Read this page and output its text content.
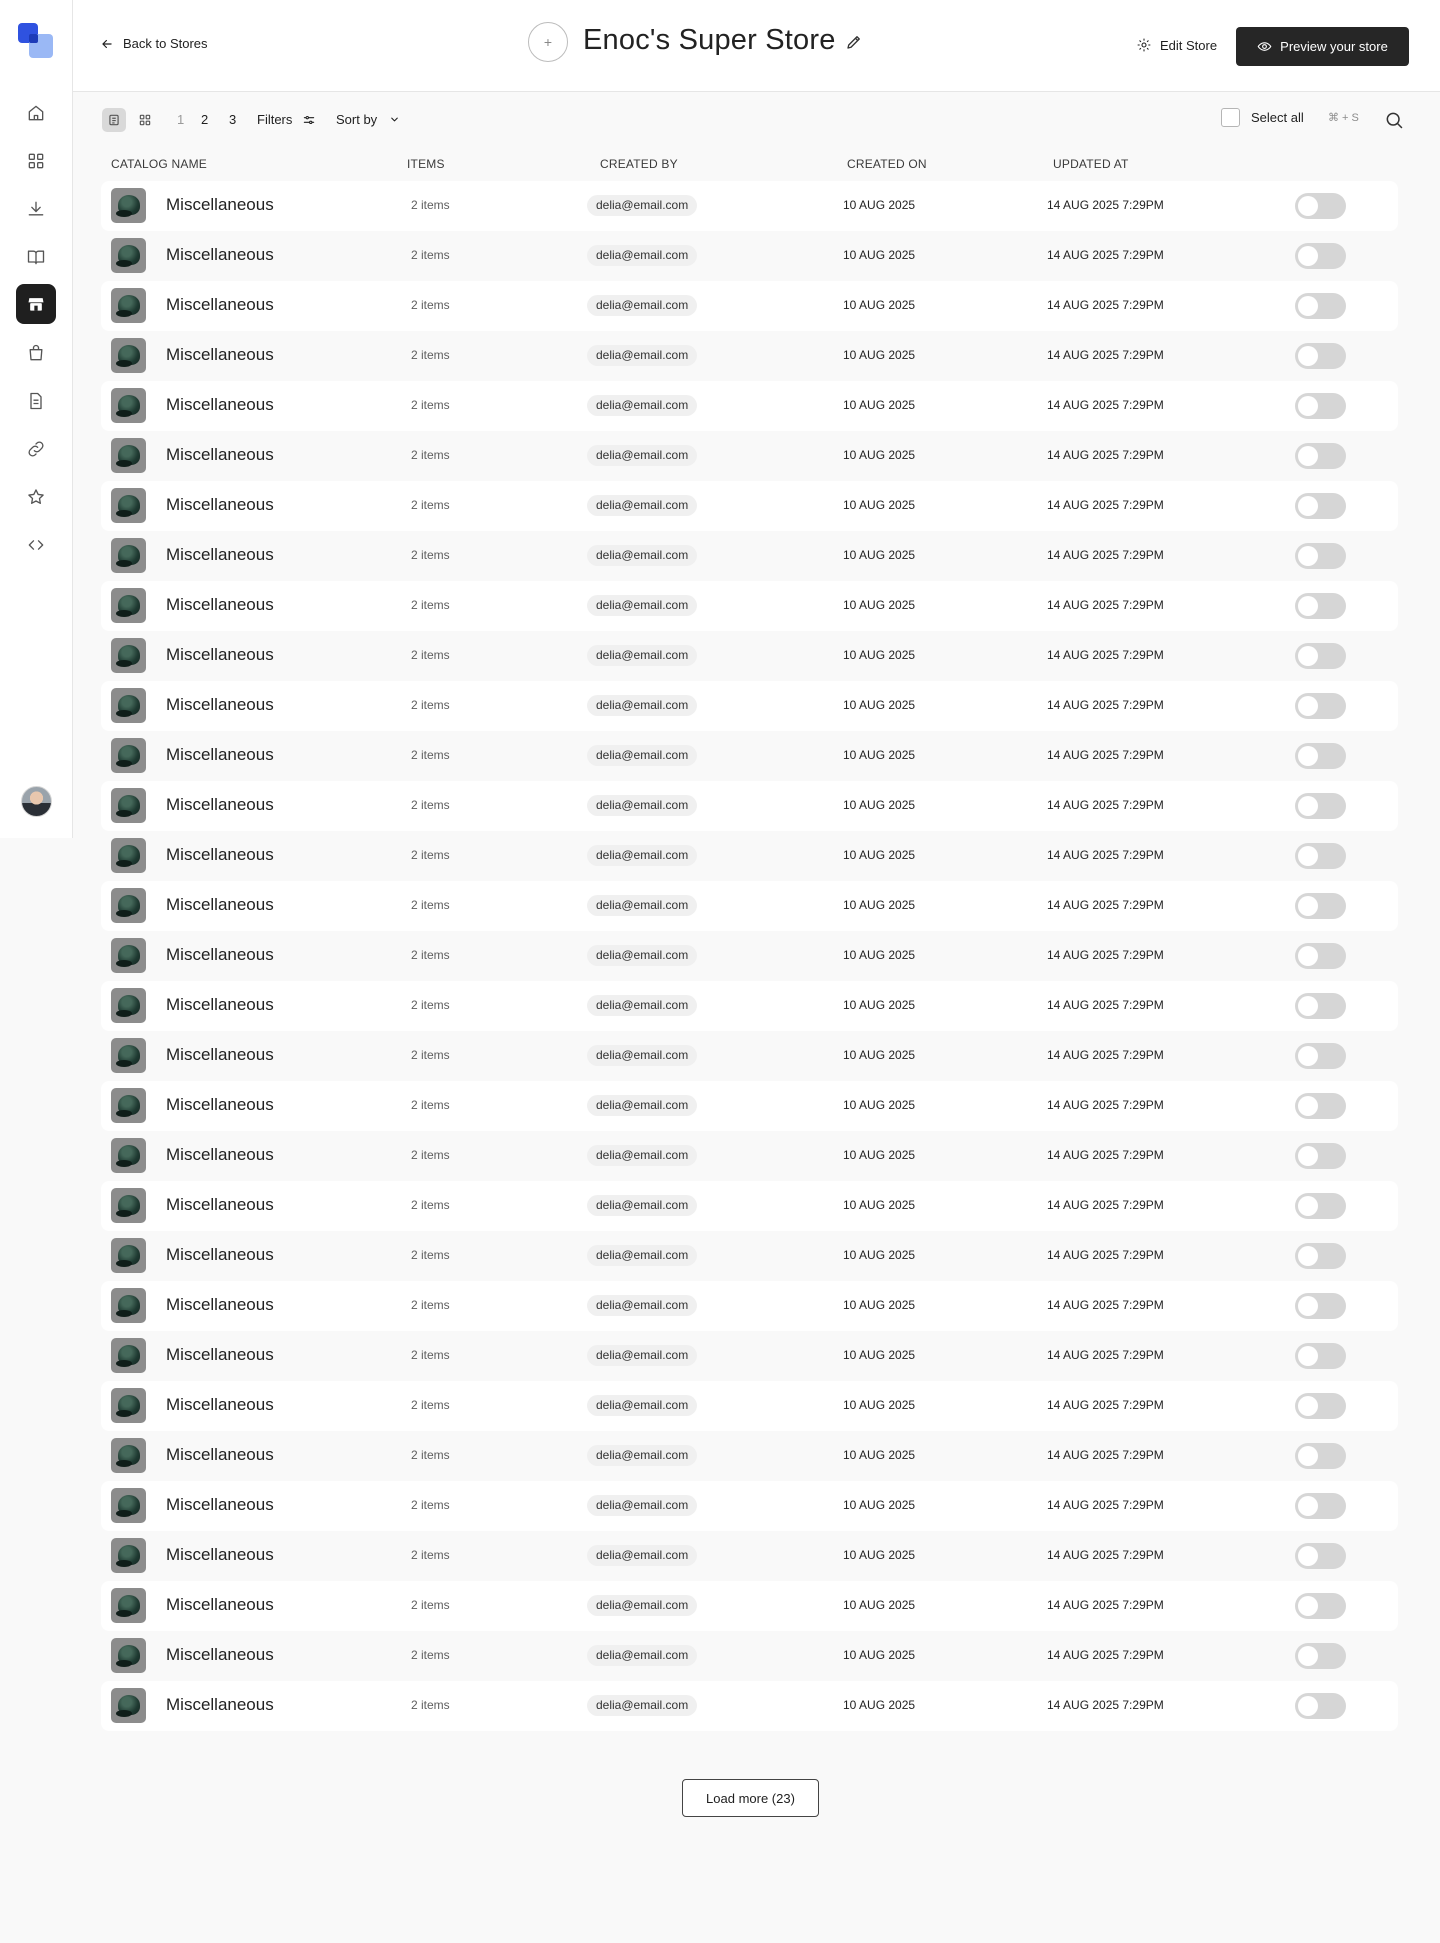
Back to Stores	+ Enoc's Super Store	Edit Store	Preview your store
1 2 3 Filters	Sort by	Select all ⌘ + S
CATALOG NAME	ITEMS	CREATED BY	CREATED ON	UPDATED AT
Miscellaneous	2 items	delia@email.com	10 AUG 2025	14 AUG 2025 7:29PM
Miscellaneous	2 items	delia@email.com	10 AUG 2025	14 AUG 2025 7:29PM
Miscellaneous	2 items	delia@email.com	10 AUG 2025	14 AUG 2025 7:29PM
Miscellaneous	2 items	delia@email.com	10 AUG 2025	14 AUG 2025 7:29PM
Miscellaneous	2 items	delia@email.com	10 AUG 2025	14 AUG 2025 7:29PM
Miscellaneous	2 items	delia@email.com	10 AUG 2025	14 AUG 2025 7:29PM
Miscellaneous	2 items	delia@email.com	10 AUG 2025	14 AUG 2025 7:29PM
Miscellaneous	2 items	delia@email.com	10 AUG 2025	14 AUG 2025 7:29PM
Miscellaneous	2 items	delia@email.com	10 AUG 2025	14 AUG 2025 7:29PM
Miscellaneous	2 items	delia@email.com	10 AUG 2025	14 AUG 2025 7:29PM
Miscellaneous	2 items	delia@email.com	10 AUG 2025	14 AUG 2025 7:29PM
Miscellaneous	2 items	delia@email.com	10 AUG 2025	14 AUG 2025 7:29PM
Miscellaneous	2 items	delia@email.com	10 AUG 2025	14 AUG 2025 7:29PM
Miscellaneous	2 items	delia@email.com	10 AUG 2025	14 AUG 2025 7:29PM
Miscellaneous	2 items	delia@email.com	10 AUG 2025	14 AUG 2025 7:29PM
Miscellaneous	2 items	delia@email.com	10 AUG 2025	14 AUG 2025 7:29PM
Miscellaneous	2 items	delia@email.com	10 AUG 2025	14 AUG 2025 7:29PM
Miscellaneous	2 items	delia@email.com	10 AUG 2025	14 AUG 2025 7:29PM
Miscellaneous	2 items	delia@email.com	10 AUG 2025	14 AUG 2025 7:29PM
Miscellaneous	2 items	delia@email.com	10 AUG 2025	14 AUG 2025 7:29PM
Miscellaneous	2 items	delia@email.com	10 AUG 2025	14 AUG 2025 7:29PM
Miscellaneous	2 items	delia@email.com	10 AUG 2025	14 AUG 2025 7:29PM
Miscellaneous	2 items	delia@email.com	10 AUG 2025	14 AUG 2025 7:29PM
Miscellaneous	2 items	delia@email.com	10 AUG 2025	14 AUG 2025 7:29PM
Miscellaneous	2 items	delia@email.com	10 AUG 2025	14 AUG 2025 7:29PM
Miscellaneous	2 items	delia@email.com	10 AUG 2025	14 AUG 2025 7:29PM
Miscellaneous	2 items	delia@email.com	10 AUG 2025	14 AUG 2025 7:29PM
Miscellaneous	2 items	delia@email.com	10 AUG 2025	14 AUG 2025 7:29PM
Miscellaneous	2 items	delia@email.com	10 AUG 2025	14 AUG 2025 7:29PM
Miscellaneous	2 items	delia@email.com	10 AUG 2025	14 AUG 2025 7:29PM
Miscellaneous	2 items	delia@email.com	10 AUG 2025	14 AUG 2025 7:29PM
Load more (23)
